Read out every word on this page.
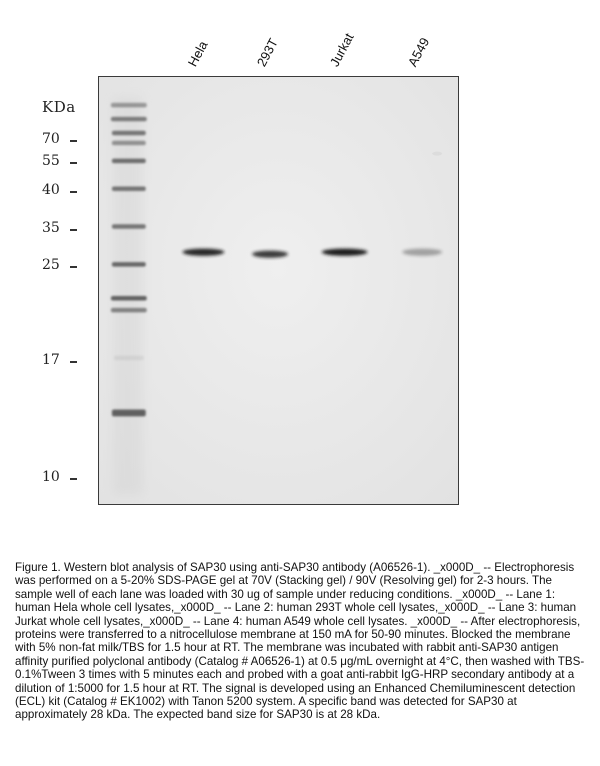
Hela	293T	Jurkat	A549
KDa
70
55
40
35
25
17
10
Figure 1. Western blot analysis of SAP30 using anti-SAP30 antibody (A06526-1). _x000D_ -- Electrophoresis was performed on a 5-20% SDS-PAGE gel at 70V (Stacking gel) / 90V (Resolving gel) for 2-3 hours. The sample well of each lane was loaded with 30 ug of sample under reducing conditions. _x000D_ -- Lane 1: human Hela whole cell lysates,_x000D_ -- Lane 2: human 293T whole cell lysates,_x000D_ -- Lane 3: human Jurkat whole cell lysates,_x000D_ -- Lane 4: human A549 whole cell lysates. _x000D_ -- After electrophoresis, proteins were transferred to a nitrocellulose membrane at 150 mA for 50-90 minutes. Blocked the membrane with 5% non-fat milk/TBS for 1.5 hour at RT. The membrane was incubated with rabbit anti-SAP30 antigen affinity purified polyclonal antibody (Catalog # A06526-1) at 0.5 μg/mL overnight at 4°C, then washed with TBS-0.1%Tween 3 times with 5 minutes each and probed with a goat anti-rabbit IgG-HRP secondary antibody at a dilution of 1:5000 for 1.5 hour at RT. The signal is developed using an Enhanced Chemiluminescent detection (ECL) kit (Catalog # EK1002) with Tanon 5200 system. A specific band was detected for SAP30 at approximately 28 kDa. The expected band size for SAP30 is at 28 kDa.
